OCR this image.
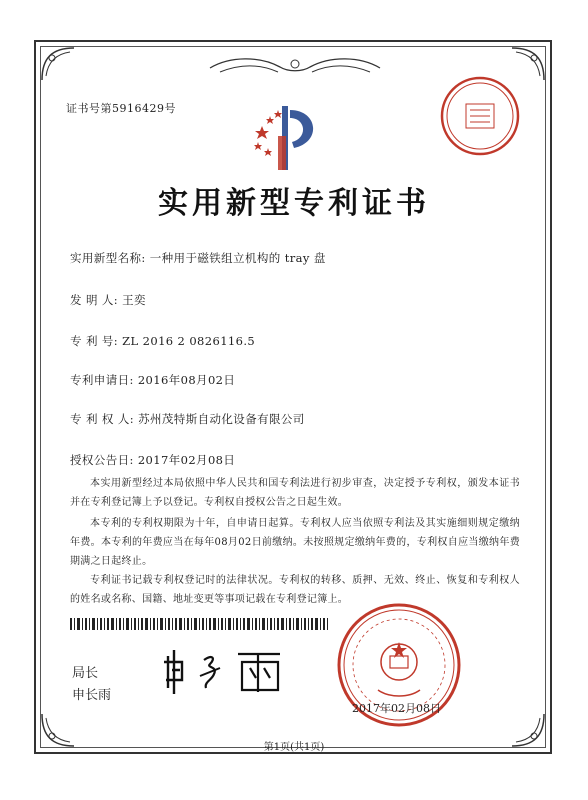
证书号第5916429号
实用新型专利证书
实用新型名称: 一种用于磁铁组立机构的 tray 盘
发 明 人: 王奕
专 利 号: ZL 2016 2 0826116.5
专利申请日: 2016年08月02日
专 利 权 人: 苏州茂特斯自动化设备有限公司
授权公告日: 2017年02月08日
本实用新型经过本局依照中华人民共和国专利法进行初步审查，决定授予专利权，颁发本证书并在专利登记簿上予以登记。专利权自授权公告之日起生效。
本专利的专利权期限为十年，自申请日起算。专利权人应当依照专利法及其实施细则规定缴纳年费。本专利的年费应当在每年08月02日前缴纳。未按照规定缴纳年费的，专利权自应当缴纳年费期满之日起终止。
专利证书记载专利权登记时的法律状况。专利权的转移、质押、无效、终止、恢复和专利权人的姓名或名称、国籍、地址变更等事项记载在专利登记簿上。
局长
申长雨
2017年02月08日
第1页(共1页)
